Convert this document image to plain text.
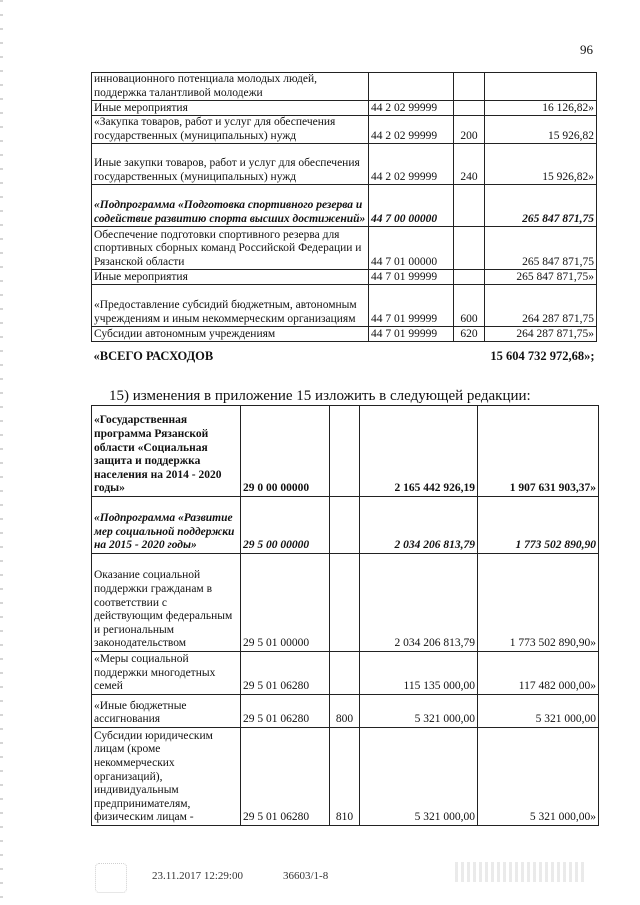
96
инновационного потенциала молодых людей, поддержка талантливой молодежи			
Иные мероприятия	44 2 02 99999		16 126,82»
«Закупка товаров, работ и услуг для обеспечения государственных (муниципальных) нужд	44 2 02 99999	200	15 926,82
Иные закупки товаров, работ и услуг для обеспечения государственных (муниципальных) нужд	44 2 02 99999	240	15 926,82»
«Подпрограмма «Подготовка спортивного резерва и содействие развитию спорта высших достижений»	44 7 00 00000		265 847 871,75
Обеспечение подготовки спортивного резерва для спортивных сборных команд Российской Федерации и Рязанской области	44 7 01 00000		265 847 871,75
Иные мероприятия	44 7 01 99999		265 847 871,75»
«Предоставление субсидий бюджетным, автономным учреждениям и иным некоммерческим организациям	44 7 01 99999	600	264 287 871,75
Субсидии автономным учреждениям	44 7 01 99999	620	264 287 871,75»
«ВСЕГО РАСХОДОВ			15 604 732 972,68»;
15) изменения в приложение 15 изложить в следующей редакции:
«Государственная программа Рязанской области «Социальная защита и поддержка населения на 2014 - 2020 годы»	29 0 00 00000		2 165 442 926,19	1 907 631 903,37»
«Подпрограмма «Развитие мер социальной поддержки на 2015 - 2020 годы»	29 5 00 00000		2 034 206 813,79	1 773 502 890,90
Оказание социальной поддержки гражданам в соответствии с действующим федеральным и региональным законодательством	29 5 01 00000		2 034 206 813,79	1 773 502 890,90»
«Меры социальной поддержки многодетных семей	29 5 01 06280		115 135 000,00	117 482 000,00»
«Иные бюджетные ассигнования	29 5 01 06280	800	5 321 000,00	5 321 000,00
Субсидии юридическим лицам (кроме некоммерческих организаций), индивидуальным предпринимателям, физическим лицам -	29 5 01 06280	810	5 321 000,00	5 321 000,00»
23.11.2017 12:29:00	36603/1-8
